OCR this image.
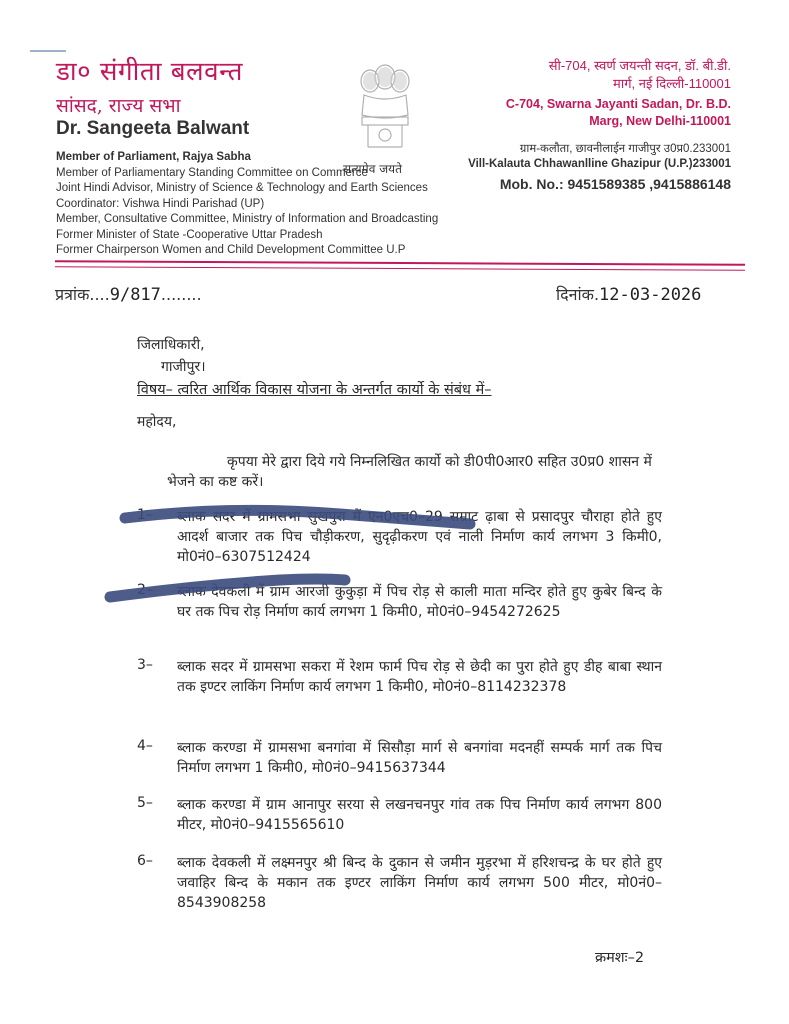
डा० संगीता बलवन्त
सांसद, राज्य सभा
Dr. Sangeeta Balwant
Member of Parliament, Rajya Sabha
Member of Parliamentary Standing Committee on Commerce
Joint Hindi Advisor, Ministry of Science & Technology and Earth Sciences
Coordinator: Vishwa Hindi Parishad (UP)
Member, Consultative Committee, Ministry of Information and Broadcasting
Former Minister of State -Cooperative Uttar Pradesh
Former Chairperson Women and Child Development Committee U.P
सत्यमेव जयते
सी-704, स्वर्ण जयन्ती सदन, डॉ. बी.डी.
मार्ग, नई दिल्ली-110001
C-704, Swarna Jayanti Sadan, Dr. B.D.
Marg, New Delhi-110001
ग्राम-कलौता, छावनीलाईन गाजीपुर उ0प्र0.233001
Vill-Kalauta Chhawanlline Ghazipur (U.P.)233001
Mob. No.: 9451589385 ,9415886148
प्रत्रांक....9/817........	दिनांक.12-03-2026
जिलाधिकारी,
गाजीपुर।
विषय– त्वरित आर्थिक विकास योजना के अन्तर्गत कार्यो के संबंध में–
महोदय,
कृपया मेरे द्वारा दिये गये निम्नलिखित कार्यो को डी0पी0आर0 सहित उ0प्र0 शासन में भेजने का कष्ट करें।
1– ब्लाक सदर में ग्रामसभा सुखपुरा में एन0एच0–29 सम्राट ढ़ाबा से प्रसादपुर चौराहा होते हुए आदर्श बाजार तक पिच चौड़ीकरण, सुदृढ़ीकरण एवं नाली निर्माण कार्य लगभग 3 किमी0, मो0नं0–6307512424
2– ब्लाक देवकली में ग्राम आरजी कुकुड़ा में पिच रोड़ से काली माता मन्दिर होते हुए कुबेर बिन्द के घर तक पिच रोड़ निर्माण कार्य लगभग 1 किमी0, मो0नं0–9454272625
3– ब्लाक सदर में ग्रामसभा सकरा में रेशम फार्म पिच रोड़ से छेदी का पुरा होते हुए डीह बाबा स्थान तक इण्टर लाकिंग निर्माण कार्य लगभग 1 किमी0, मो0नं0–8114232378
4– ब्लाक करण्डा में ग्रामसभा बनगांवा में सिसौड़ा मार्ग से बनगांवा मदनहीं सम्पर्क मार्ग तक पिच निर्माण लगभग 1 किमी0, मो0नं0–9415637344
5– ब्लाक करण्डा में ग्राम आनापुर सरया से लखनचनपुर गांव तक पिच निर्माण कार्य लगभग 800 मीटर, मो0नं0–9415565610
6– ब्लाक देवकली में लक्ष्मनपुर श्री बिन्द के दुकान से जमीन मुड़रभा में हरिशचन्द्र के घर होते हुए जवाहिर बिन्द के मकान तक इण्टर लाकिंग निर्माण कार्य लगभग 500 मीटर, मो0नं0–8543908258
क्रमशः–2
